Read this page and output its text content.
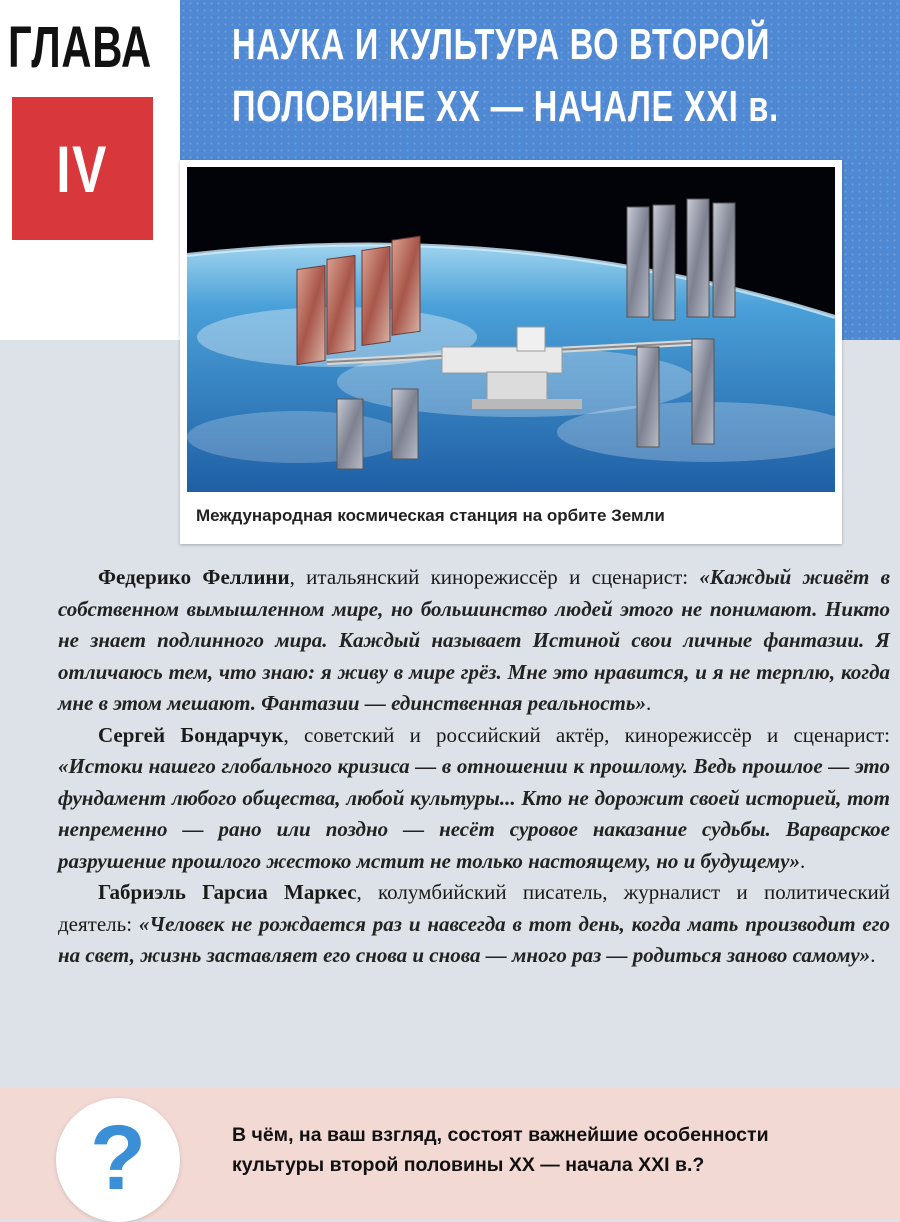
ГЛАВА

IV
НАУКА И КУЛЬТУРА ВО ВТОРОЙ
ПОЛОВИНЕ XX — НАЧАЛЕ XXI в.

Международная космическая станция на орбите Земли

Федерико Феллини, итальянский кинорежиссёр и сценарист: «Каждый живёт в собственном вымышленном мире, но большинство людей этого не понимают. Никто не знает подлинного мира. Каждый называет Истиной свои личные фантазии. Я отличаюсь тем, что знаю: я живу в мире грёз. Мне это нравится, и я не терплю, когда мне в этом мешают. Фантазии — единственная реальность».

Сергей Бондарчук, советский и российский актёр, кинорежиссёр и сценарист: «Истоки нашего глобального кризиса — в отношении к прошлому. Ведь прошлое — это фундамент любого общества, любой культуры... Кто не дорожит своей историей, тот непременно — рано или поздно — несёт суровое наказание судьбы. Варварское разрушение прошлого жестоко мстит не только настоящему, но и будущему».

Габриэль Гарсиа Маркес, колумбийский писатель, журналист и политический деятель: «Человек не рождается раз и навсегда в тот день, когда мать производит его на свет, жизнь заставляет его снова и снова — много раз — родиться заново самому».

?	В чём, на ваш взгляд, состоят важнейшие особенности
культуры второй половины XX — начала XXI в.?
